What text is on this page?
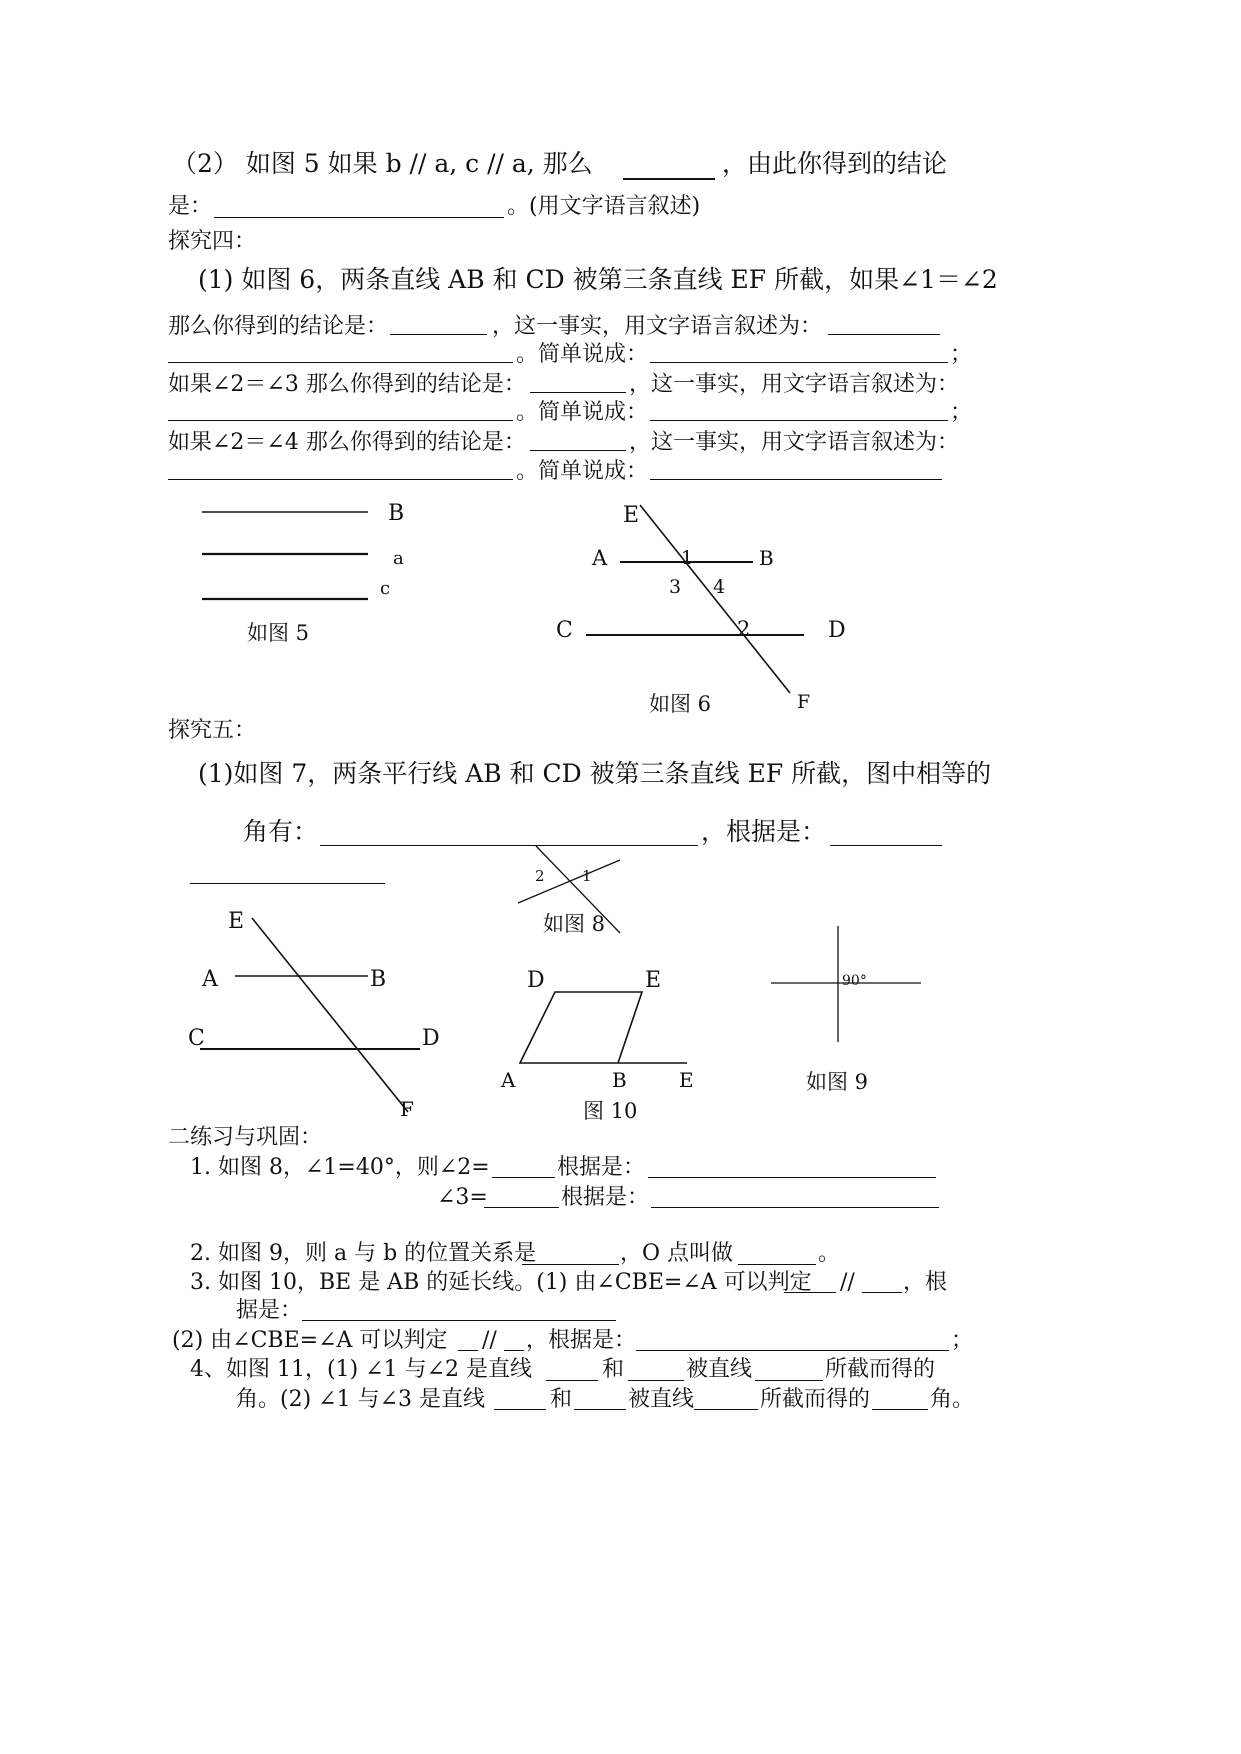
（2） 如图 5 如果 b // a, c // a, 那么	，由此你得到的结论
是：	。(用文字语言叙述)
探究四：
(1) 如图 6，两条直线 AB 和 CD 被第三条直线 EF 所截，如果∠1＝∠2
那么你得到的结论是：	，这一事实，用文字语言叙述为：
。简单说成：	；
如果∠2＝∠3 那么你得到的结论是：	，这一事实，用文字语言叙述为：
。简单说成：	；
如果∠2＝∠4 那么你得到的结论是：	，这一事实，用文字语言叙述为：
。简单说成：
B
a
c
如图 5
E
A	1	B
3 4
C	2	D
F
如图 6
探究五：
(1)如图 7，两条平行线 AB 和 CD 被第三条直线 EF 所截，图中相等的
角有：	，根据是：
2 1
如图 8
E
A	B
C	D
F
D	E
A	B	E
图 10
90°
如图 9
二练习与巩固：
1. 如图 8，∠1=40°，则∠2=	根据是：
∠3=	根据是：
2. 如图 9，则 a 与 b 的位置关系是	，O 点叫做	。
3. 如图 10，BE 是 AB 的延长线。(1) 由∠CBE=∠A 可以判定 // ，根
据是：
(2) 由∠CBE=∠A 可以判定 // ，根据是：	；
4、如图 11，(1) ∠1 与∠2 是直线	和	被直线	所截而得的
角。(2) ∠1 与∠3 是直线	和	被直线	所截而得的	角。
